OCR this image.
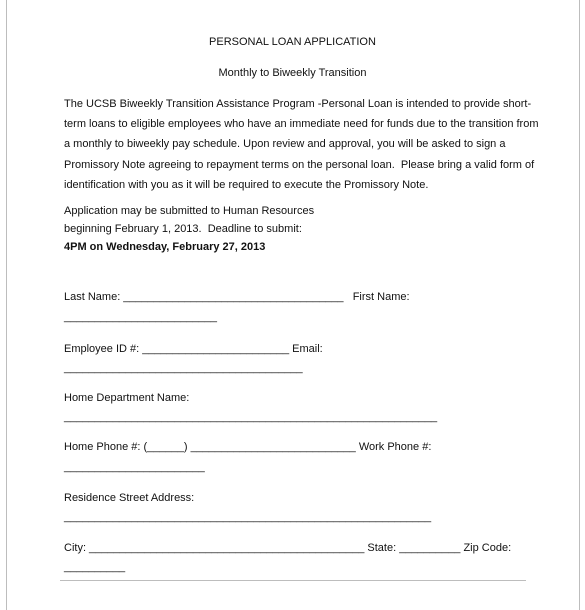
PERSONAL LOAN APPLICATION
Monthly to Biweekly Transition
The UCSB Biweekly Transition Assistance Program -Personal Loan is intended to provide short-
term loans to eligible employees who have an immediate need for funds due to the transition from
a monthly to biweekly pay schedule. Upon review and approval, you will be asked to sign a
Promissory Note agreeing to repayment terms on the personal loan.  Please bring a valid form of
identification with you as it will be required to execute the Promissory Note.
Application may be submitted to Human Resources
beginning February 1, 2013.  Deadline to submit:
4PM on Wednesday, February 27, 2013
Last Name: ____________________________________   First Name:
_________________________
Employee ID #: ________________________ Email:
_______________________________________
Home Department Name:
_____________________________________________________________
Home Phone #: (______) ___________________________ Work Phone #:
_______________________
Residence Street Address:
____________________________________________________________
City: _____________________________________________ State: __________ Zip Code:
__________
